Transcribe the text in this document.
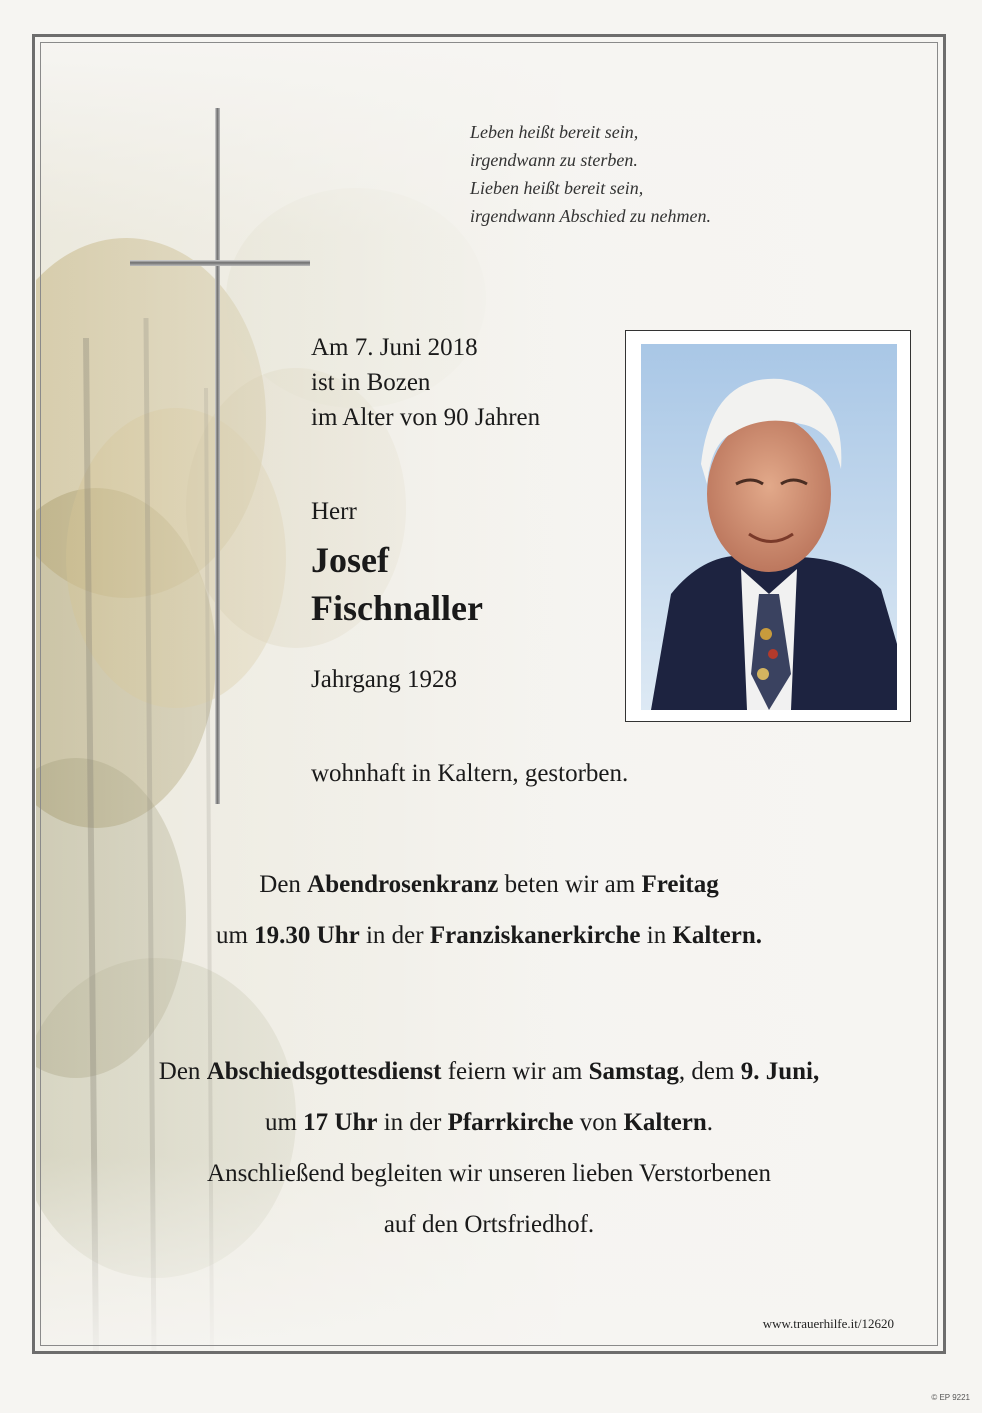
Leben heißt bereit sein,
irgendwann zu sterben.
Lieben heißt bereit sein,
irgendwann Abschied zu nehmen.
Am 7. Juni 2018
ist in Bozen
im Alter von 90 Jahren
Herr
Josef
Fischnaller
Jahrgang 1928
wohnhaft in Kaltern, gestorben.
Den Abendrosenkranz beten wir am Freitag
um 19.30 Uhr in der Franziskanerkirche in Kaltern.
Den Abschiedsgottesdienst feiern wir am Samstag, dem 9. Juni,
um 17 Uhr in der Pfarrkirche von Kaltern.
Anschließend begleiten wir unseren lieben Verstorbenen
auf den Ortsfriedhof.
www.trauerhilfe.it/12620
© EP 9221
